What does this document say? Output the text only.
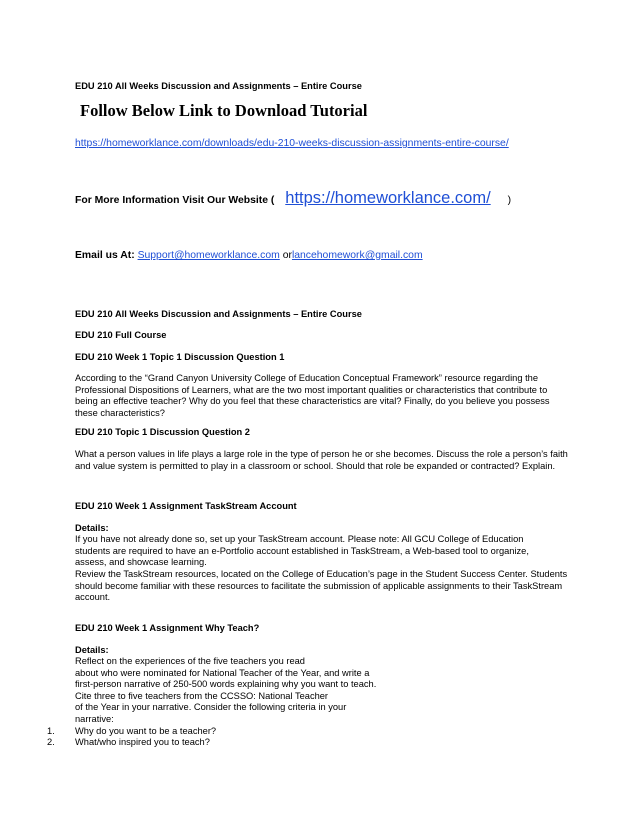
EDU 210 All Weeks Discussion and Assignments – Entire Course

Follow Below Link to Download Tutorial

https://homeworklance.com/downloads/edu-210-weeks-discussion-assignments-entire-course/

For More Information Visit Our Website ( https://homeworklance.com/ )

Email us At: Support@homeworklance.com orlancehomework@gmail.com

EDU 210 All Weeks Discussion and Assignments – Entire Course

EDU 210 Full Course

EDU 210 Week 1 Topic 1 Discussion Question 1

According to the “Grand Canyon University College of Education Conceptual Framework” resource regarding the Professional Dispositions of Learners, what are the two most important qualities or characteristics that contribute to being an effective teacher? Why do you feel that these characteristics are vital? Finally, do you believe you possess these characteristics?

EDU 210 Topic 1 Discussion Question 2

What a person values in life plays a large role in the type of person he or she becomes. Discuss the role a person’s faith and value system is permitted to play in a classroom or school. Should that role be expanded or contracted? Explain.

EDU 210 Week 1 Assignment TaskStream Account

Details:

If you have not already done so, set up your TaskStream account. Please note: All GCU College of Education students are required to have an e-Portfolio account established in TaskStream, a Web-based tool to organize, assess, and showcase learning.

Review the TaskStream resources, located on the College of Education’s page in the Student Success Center. Students should become familiar with these resources to facilitate the submission of applicable assignments to their TaskStream account.

EDU 210 Week 1 Assignment Why Teach?

Details:

Reflect on the experiences of the five teachers you read

about who were nominated for National Teacher of the Year, and write a

first-person narrative of 250-500 words explaining why you want to teach.

Cite three to five teachers from the CCSSO: National Teacher

of the Year in your narrative. Consider the following criteria in your

narrative:

1. Why do you want to be a teacher?

2. What/who inspired you to teach?
